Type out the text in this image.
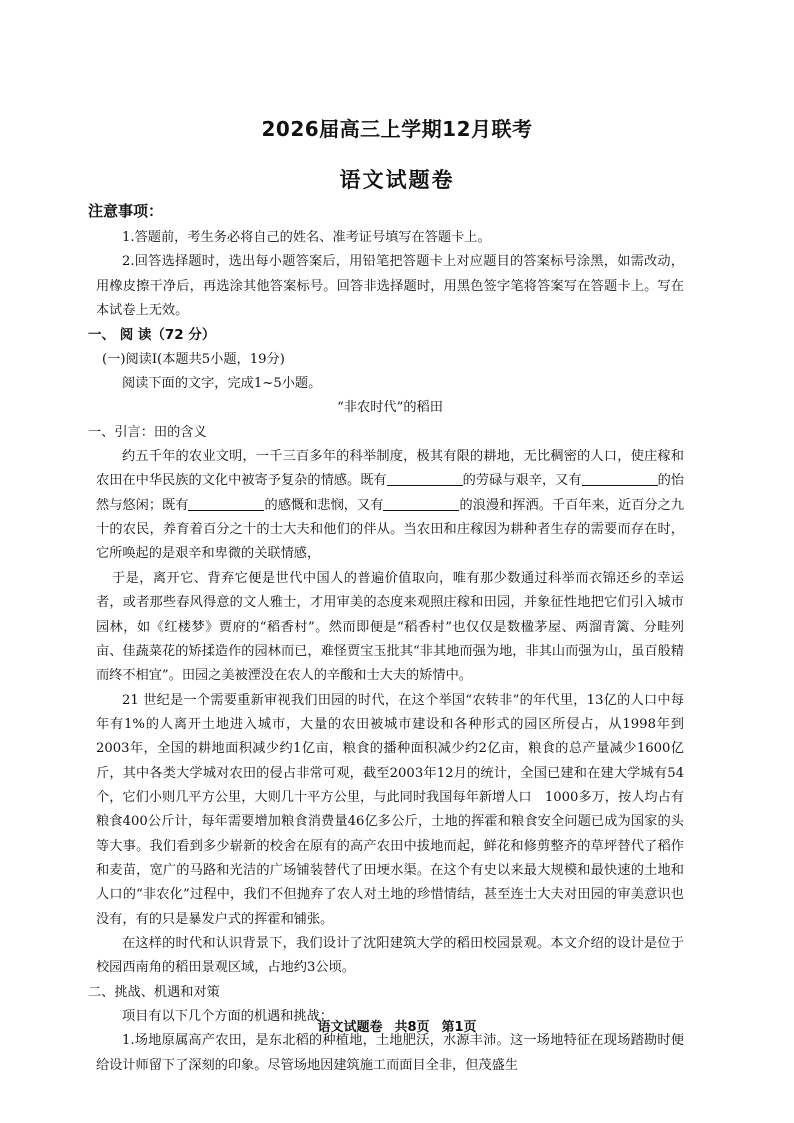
2026届高三上学期12月联考
语文试题卷
注意事项：

1.答题前，考生务必将自己的姓名、准考证号填写在答题卡上。

2.回答选择题时，选出每小题答案后，用铅笔把答题卡上对应题目的答案标号涂黑，如需改动，用橡皮擦干净后，再选涂其他答案标号。回答非选择题时，用黑色签字笔将答案写在答题卡上。写在本试卷上无效。

一、 阅 读（72 分）

(一)阅读Ⅰ(本题共5小题，19分)

阅读下面的文字，完成1~5小题。

“非农时代”的稻田

一、引言：田的含义

约五千年的农业文明，一千三百多年的科举制度，极其有限的耕地，无比稠密的人口，使庄稼和农田在中华民族的文化中被寄予复杂的情感。既有	的劳碌与艰辛，又有	的怡然与悠闲；既有	的感慨和悲悯，又有	的浪漫和挥洒。千百年来，近百分之九十的农民，养育着百分之十的士大夫和他们的伴从。当农田和庄稼因为耕种者生存的需要而存在时，它所唤起的是艰辛和卑微的关联情感，

于是，离开它、背弃它便是世代中国人的普遍价值取向，唯有那少数通过科举而衣锦还乡的幸运者，或者那些春风得意的文人雅士，才用审美的态度来观照庄稼和田园，并象征性地把它们引入城市园林，如《红楼梦》贾府的“稻香村”。然而即便是“稻香村”也仅仅是数楹茅屋、两溜青篱、分畦列亩、佳蔬菜花的矫揉造作的园林而已，难怪贾宝玉批其“非其地而强为地，非其山而强为山，虽百般精而终不相宜”。田园之美被湮没在农人的辛酸和士大夫的矫情中。

21 世纪是一个需要重新审视我们田园的时代，在这个举国“农转非”的年代里，13亿的人口中每年有1%的人离开土地进入城市，大量的农田被城市建设和各种形式的园区所侵占，从1998年到2003年，全国的耕地面积减少约1亿亩，粮食的播种面积减少约2亿亩，粮食的总产量减少1600亿斤，其中各类大学城对农田的侵占非常可观，截至2003年12月的统计，全国已建和在建大学城有54个，它们小则几平方公里，大则几十平方公里，与此同时我国每年新增人口　1000多万，按人均占有粮食400公斤计，每年需要增加粮食消费量46亿多公斤，土地的挥霍和粮食安全问题已成为国家的头等大事。我们看到多少崭新的校舍在原有的高产农田中拔地而起，鲜花和修剪整齐的草坪替代了稻作和麦苗，宽广的马路和光洁的广场铺装替代了田埂水渠。在这个有史以来最大规模和最快速的土地和人口的“非农化”过程中，我们不但抛弃了农人对土地的珍惜情结，甚至连士大夫对田园的审美意识也没有，有的只是暴发户式的挥霍和铺张。

在这样的时代和认识背景下，我们设计了沈阳建筑大学的稻田校园景观。本文介绍的设计是位于校园西南角的稻田景观区域，占地约3公顷。

二、挑战、机遇和对策

项目有以下几个方面的机遇和挑战：

1.场地原属高产农田，是东北稻的种植地，土地肥沃，水源丰沛。这一场地特征在现场踏勘时便给设计师留下了深刻的印象。尽管场地因建筑施工而面目全非，但茂盛生

语文试题卷 共8页 第1页
